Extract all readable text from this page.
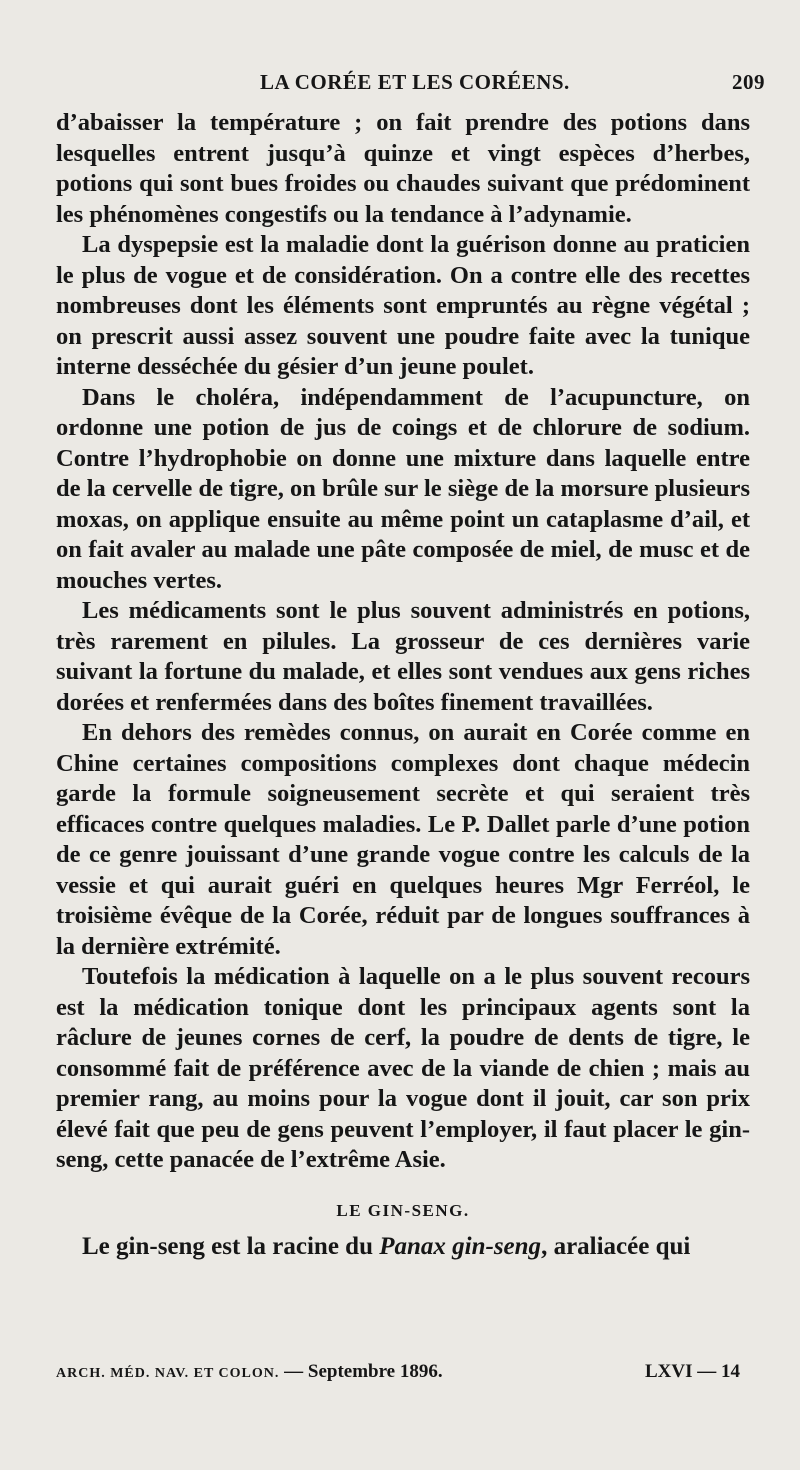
LA CORÉE ET LES CORÉENS.	209

d’abaisser la température ; on fait prendre des potions dans lesquelles entrent jusqu’à quinze et vingt espèces d’herbes, potions qui sont bues froides ou chaudes suivant que prédominent les phénomènes congestifs ou la tendance à l’adynamie.

La dyspepsie est la maladie dont la guérison donne au praticien le plus de vogue et de considération. On a contre elle des recettes nombreuses dont les éléments sont empruntés au règne végétal ; on prescrit aussi assez souvent une poudre faite avec la tunique interne desséchée du gésier d’un jeune poulet.

Dans le choléra, indépendamment de l’acupuncture, on ordonne une potion de jus de coings et de chlorure de sodium. Contre l’hydrophobie on donne une mixture dans laquelle entre de la cervelle de tigre, on brûle sur le siège de la morsure plusieurs moxas, on applique ensuite au même point un cataplasme d’ail, et on fait avaler au malade une pâte composée de miel, de musc et de mouches vertes.

Les médicaments sont le plus souvent administrés en potions, très rarement en pilules. La grosseur de ces dernières varie suivant la fortune du malade, et elles sont vendues aux gens riches dorées et renfermées dans des boîtes finement travaillées.

En dehors des remèdes connus, on aurait en Corée comme en Chine certaines compositions complexes dont chaque médecin garde la formule soigneusement secrète et qui seraient très efficaces contre quelques maladies. Le P. Dallet parle d’une potion de ce genre jouissant d’une grande vogue contre les calculs de la vessie et qui aurait guéri en quelques heures Mgr Ferréol, le troisième évêque de la Corée, réduit par de longues souffrances à la dernière extrémité.

Toutefois la médication à laquelle on a le plus souvent recours est la médication tonique dont les principaux agents sont la râclure de jeunes cornes de cerf, la poudre de dents de tigre, le consommé fait de préférence avec de la viande de chien ; mais au premier rang, au moins pour la vogue dont il jouit, car son prix élevé fait que peu de gens peuvent l’employer, il faut placer le gin-seng, cette panacée de l’extrême Asie.

LE GIN-SENG.

Le gin-seng est la racine du Panax gin-seng, araliacée qui

ARCH. MÉD. NAV. ET COLON. — Septembre 1896.	LXVI — 14
